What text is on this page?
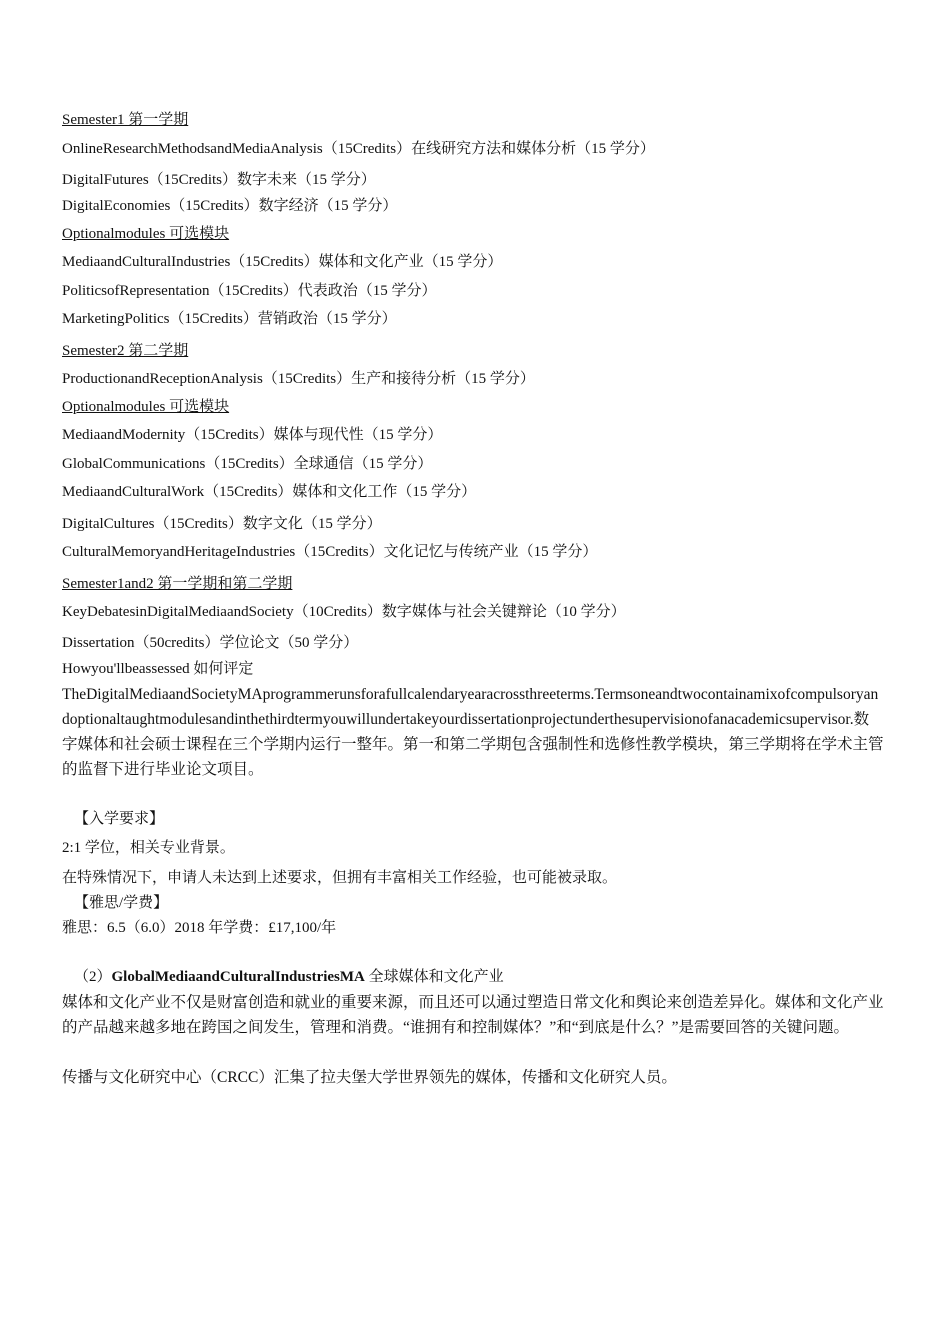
Semester1 第一学期

OnlineResearchMethodsandMediaAnalysis（15Credits）在线研究方法和媒体分析（15 学分）

DigitalFutures（15Credits）数字未来（15 学分）

DigitalEconomies（15Credits）数字经济（15 学分）

Optionalmodules 可选模块

MediaandCulturalIndustries（15Credits）媒体和文化产业（15 学分）

PoliticsofRepresentation（15Credits）代表政治（15 学分）

MarketingPolitics（15Credits）营销政治（15 学分）

Semester2 第二学期

ProductionandReceptionAnalysis（15Credits）生产和接待分析（15 学分）

Optionalmodules 可选模块

MediaandModernity（15Credits）媒体与现代性（15 学分）

GlobalCommunications（15Credits）全球通信（15 学分）

MediaandCulturalWork（15Credits）媒体和文化工作（15 学分）

DigitalCultures（15Credits）数字文化（15 学分）

CulturalMemoryandHeritageIndustries（15Credits）文化记忆与传统产业（15 学分）

Semester1and2 第一学期和第二学期

KeyDebatesinDigitalMediaandSociety（10Credits）数字媒体与社会关键辩论（10 学分）

Dissertation（50credits）学位论文（50 学分）

Howyou'llbeassessed 如何评定

TheDigitalMediaandSocietyMAprogrammerunsforafullcalendaryearacrossthreeterms.Termsoneandtwocontainamixofcompulsoryandoptionaltaughtmodulesandinthethirdtermyouwillundertakeyourdissertationprojectunderthesupervisionofanacademicsupervisor.数字媒体和社会硕士课程在三个学期内运行一整年。第一和第二学期包含强制性和选修性教学模块，第三学期将在学术主管的监督下进行毕业论文项目。

【入学要求】

2:1 学位，相关专业背景。

在特殊情况下，申请人未达到上述要求，但拥有丰富相关工作经验，也可能被录取。

【雅思/学费】

雅思：6.5（6.0）2018 年学费：£17,100/年

（2）GlobalMediaandCulturalIndustriesMA 全球媒体和文化产业

媒体和文化产业不仅是财富创造和就业的重要来源，而且还可以通过塑造日常文化和舆论来创造差异化。媒体和文化产业的产品越来越多地在跨国之间发生，管理和消费。“谁拥有和控制媒体？”和“到底是什么？”是需要回答的关键问题。

传播与文化研究中心（CRCC）汇集了拉夫堡大学世界领先的媒体，传播和文化研究人员。
